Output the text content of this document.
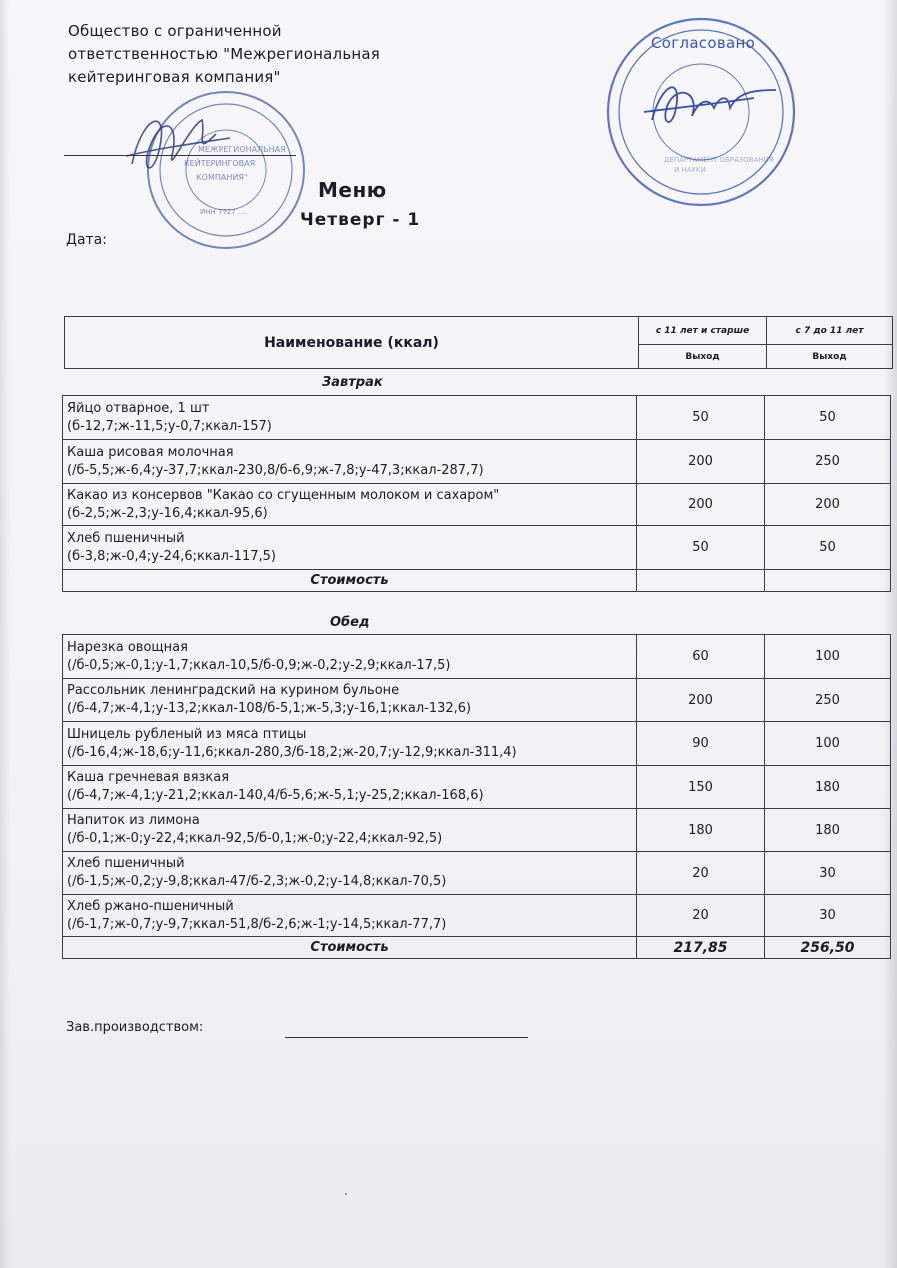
Общество с ограниченной
ответственностью "Межрегиональная
кейтеринговая компания"
МЕЖРЕГИОНАЛЬНАЯ
КЕЙТЕРИНГОВАЯ
КОМПАНИЯ"
ИНН 7727 ....
ДЕПАРТАМЕНТ ОБРАЗОВАНИЯ
И НАУКИ
Согласовано
Меню
Четверг - 1
Дата:
Наименование (ккал)	с 11 лет и старше	с 7 до 11 лет
	Выход	Выход
Завтрак
Яйцо отварное, 1 шт
(б-12,7;ж-11,5;у-0,7;ккал-157)	50	50

Каша рисовая молочная
(/б-5,5;ж-6,4;у-37,7;ккал-230,8/б-6,9;ж-7,8;у-47,3;ккал-287,7)	200	250

Какао из консервов "Какао со сгущенным молоком и сахаром"
(б-2,5;ж-2,3;у-16,4;ккал-95,6)	200	200

Хлеб пшеничный
(б-3,8;ж-0,4;у-24,6;ккал-117,5)	50	50
Стоимость		
Обед
Нарезка овощная
(/б-0,5;ж-0,1;у-1,7;ккал-10,5/б-0,9;ж-0,2;у-2,9;ккал-17,5)	60	100

Рассольник ленинградский на курином бульоне
(/б-4,7;ж-4,1;у-13,2;ккал-108/б-5,1;ж-5,3;у-16,1;ккал-132,6)	200	250

Шницель рубленый из мяса птицы
(/б-16,4;ж-18,6;у-11,6;ккал-280,3/б-18,2;ж-20,7;у-12,9;ккал-311,4)	90	100

Каша гречневая вязкая
(/б-4,7;ж-4,1;у-21,2;ккал-140,4/б-5,6;ж-5,1;у-25,2;ккал-168,6)	150	180

Напиток из лимона
(/б-0,1;ж-0;у-22,4;ккал-92,5/б-0,1;ж-0;у-22,4;ккал-92,5)	180	180

Хлеб пшеничный
(/б-1,5;ж-0,2;у-9,8;ккал-47/б-2,3;ж-0,2;у-14,8;ккал-70,5)	20	30

Хлеб ржано-пшеничный
(/б-1,7;ж-0,7;у-9,7;ккал-51,8/б-2,6;ж-1;у-14,5;ккал-77,7)	20	30
Стоимость	217,85	256,50
Зав.производством:
